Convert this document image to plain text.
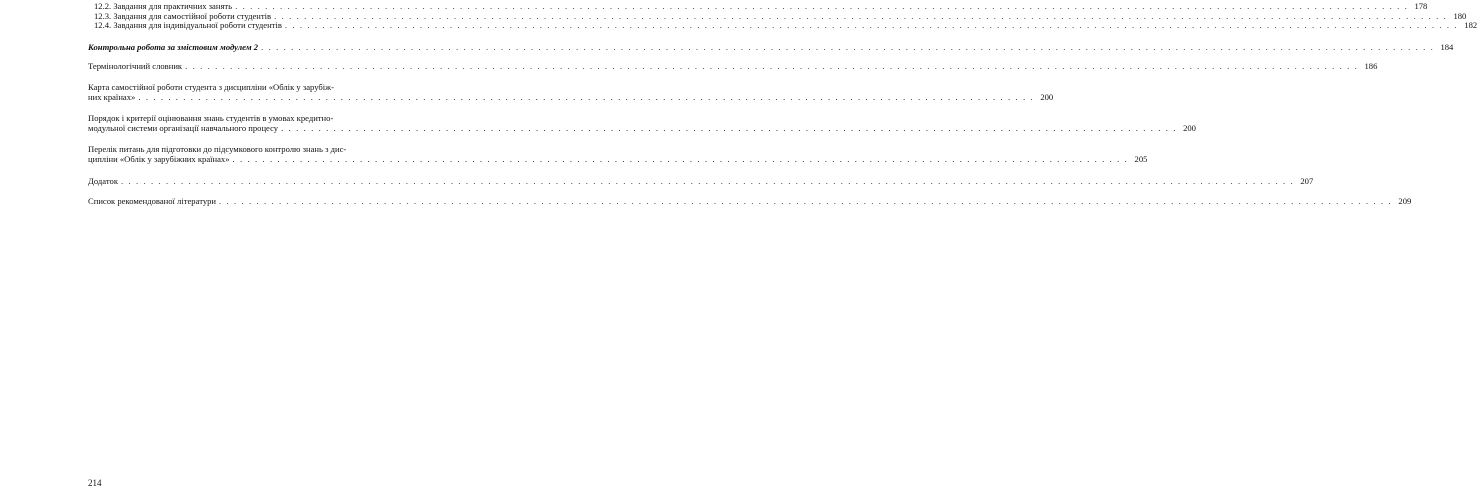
12.2. Завдання для практичних занять . . .	178
12.3. Завдання для самостійної роботи студентів . . .	180
12.4. Завдання для індивідуальної роботи студентів . . .	182
Контрольна робота за змістовим модулем 2 . . .	184
Термінологічний словник . . .	186
Карта самостійної роботи студента з дисципліни «Облік у зарубіж-
них країнах» . . . . . . . . . . . . . . . . . . . . . . . . . . . . . . . . . . . . . . . . . . . . . . . . . . . . . . . . . . . . . . . . . . . . . . . . . . . . . . . . . . . . . . . . . . . . . . . . . . . . . . . . . . . . . . . . . . . . . . . . 200
Порядок і критерії оцінювання знань студентів в умовах кредитно-
модульної системи організації навчального процесу . . . . . . . . . . . . . . . . . . . . . . . . . . . . . . . . . . . . . . . . . . . . . . . . . . . . . . . . . . . . . . . . . . . . . . . . . . . . . . . . . . . . . . . . . . . . . . . . . . . . . . . . . . . . . . . . . . . . . . . . 200
Перелік питань для підготовки до підсумкового контролю знань з дис-
ципліни «Облік у зарубіжних країнах» . . . . . . . . . . . . . . . . . . . . . . . . . . . . . . . . . . . . . . . . . . . . . . . . . . . . . . . . . . . . . . . . . . . . . . . . . . . . . . . . . . . . . . . . . . . . . . . . . . . . . . . . . . . . . . . . . . . . . . . . 205
Додаток . . .	207
Список рекомендованої літератури . . .	209
214
